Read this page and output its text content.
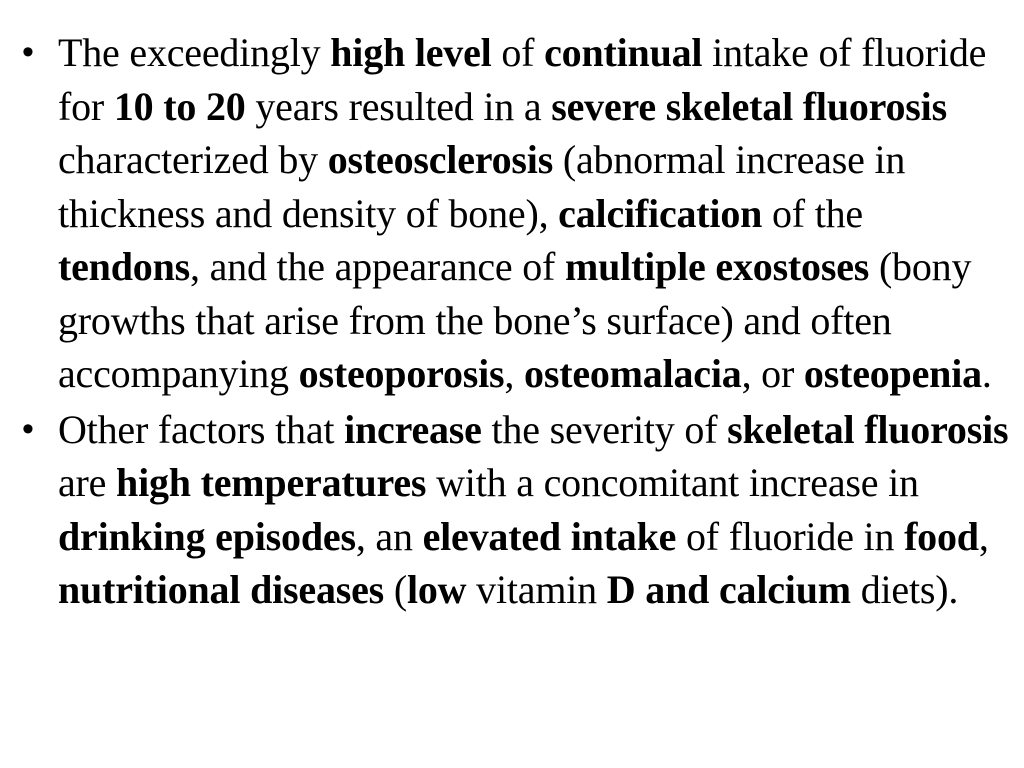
• The exceedingly high level of continual intake of fluoride for 10 to 20 years resulted in a severe skeletal fluorosis characterized by osteosclerosis (abnormal increase in thickness and density of bone), calcification of the tendons, and the appearance of multiple exostoses (bony growths that arise from the bone’s surface) and often accompanying osteoporosis, osteomalacia, or osteopenia.
• Other factors that increase the severity of skeletal fluorosis are high temperatures with a concomitant increase in drinking episodes, an elevated intake of fluoride in food, nutritional diseases (low vitamin D and calcium diets).
